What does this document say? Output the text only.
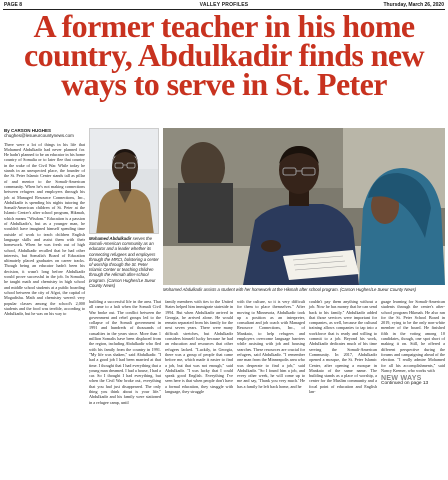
PAGE 8	VALLEY PROFILES	Thursday, March 26, 2020
A former teacher in his home country, Abdulkadir finds new ways to serve in St. Peter
By CARSON HUGHES
chughes@lesueurcountynews.com
There were a lot of things in his life that Mohamed Abdulkadir had never planned for. He hadn't planned to be an educator in his home country of Somalia or to later flee that country in the wake of the Civil War. While today he stands in an unexpected place, the founder of the St. Peter Islamic Center stands tall as pillar of and mentor to the Somali-American community. When he's not making connections between refugees and employers through his job at Managed Resource Connections, Inc., Abdulkadir is spending his nights tutoring the Somali-American children of St. Peter at the Islamic Center's after school program, Hikmah, which means "Wisdom." Education is a passion of Abdulkadir's, but as a younger man, he wouldn't have imagined himself spending time outside of work to teach children English language skills and assist them with their homework. When he was fresh out of high school, Abdulkadir recalled that he had other interests, but Somalia's Board of Education ultimately placed graduates on career tracks. Though being an educator hadn't been his decision, it wasn't long before Abdulkadir would prove successful in the job. In Somalia, he taught math and chemistry in high school and middle school students at a public boarding school between the city of Afgoi, the capital of Mogadishu. Math and chemistry weren't very popular classes among the school's 2,000 students and the food was terrible, according to Abdulkadir, but he was on his way to
Mohamed Abdulkadir serves the Somali-American community as an educator and a leader whether its connecting refugees and employers through the MRCI, bolstering a center of worship through the St. Peter Islamic Center or teaching children through the Hikmah after-school program. (Carson Hughes/Le Sueur County News)
Mohamed Abdulkadir assists a student with her homework at the Hikmah after school program. (Carson Hughes/Le Sueur County News)
building a successful life in the area. That all came to a halt when the Somali Civil War broke out. The conflict between the government and rebel groups led to the collapse of the Somali government in 1991 and hundreds of thousands of casualties in the years since. More than 1 million Somalis have been displaced from the region, including Abdulkadir who fled with his family from the country in 1991. "My life was shaken," said Abdulkadir. "I had a good job I had been married at that time. I thought that I had everything that a young man dreamed. I had a house, I had a car. So I thought I had everything, but when the Civil War broke out, everything that you had just disappeared. The only thing you think about is your life." Abdulkadir and his family were stationed in a refugee camp, until
family members with ties to the United States helped him immigrate stateside in 1994. But when Abdulkadir arrived in Georgia, he arrived alone. He would remain separated from his family for the next seven years. There were many difficult stretches, but Abdulkadir considers himself lucky because he had an education and resources that other refugees lacked. "Luckily, in Georgia, there was a group of people that came before me, which made it easier to find a job, but that was not enough," said Abdulkadir. "I was lucky that I could speak good English. Everything I've seen here is that when people don't have a formal education, they struggle with language, they struggle
with the culture, so it is very difficult for them to place themselves." After moving to Minnesota, Abdulkadir took up a position as an interpreter, consultant and job coach with Managed Resource Connections, Inc., of Mankato, to help refugees and employers overcome language barriers while assisting with job and housing searches. These resources are crucial for refugees, said Abdulkadir. "I remember one man from the Minneapolis area who was desperate to find a job," said Abdulkadir. "So I found him a job, and every other week, he will come up to me and say, 'Thank you very much.' He has a family he left back home, and he
couldn't pay them anything without a job. Now he has money that he can send back to his family." Abdulkadir added that those services were important for companies, as well, because the cultural training allows companies to tap into a workforce that is ready and willing to commit to a job. Beyond his work, Abdulkadir dedicates much of his time serving the Somali-American Community. In 2017, Abdulkadir opened a mosque, the St. Peter Islamic Center, after opening a mosque in Mankato of the same name. The building stands as a place of worship, a center for the Muslim community and a focal point of education and English lan-
guage learning for Somali-American students through the center's after-school program Hikmah. He also ran for the St. Peter School Board in 2019, vying to be the only non-white member of the board. He finished fifth in the voting among 10 candidates, though, one spot short of making it on. Still, he offered a different perspective during the forums and campaigning ahead of the election. "I really admire Mohamed for all his accomplishments," said Nancy Kremer, who works with
NEW WAYS
Continued on page 13
